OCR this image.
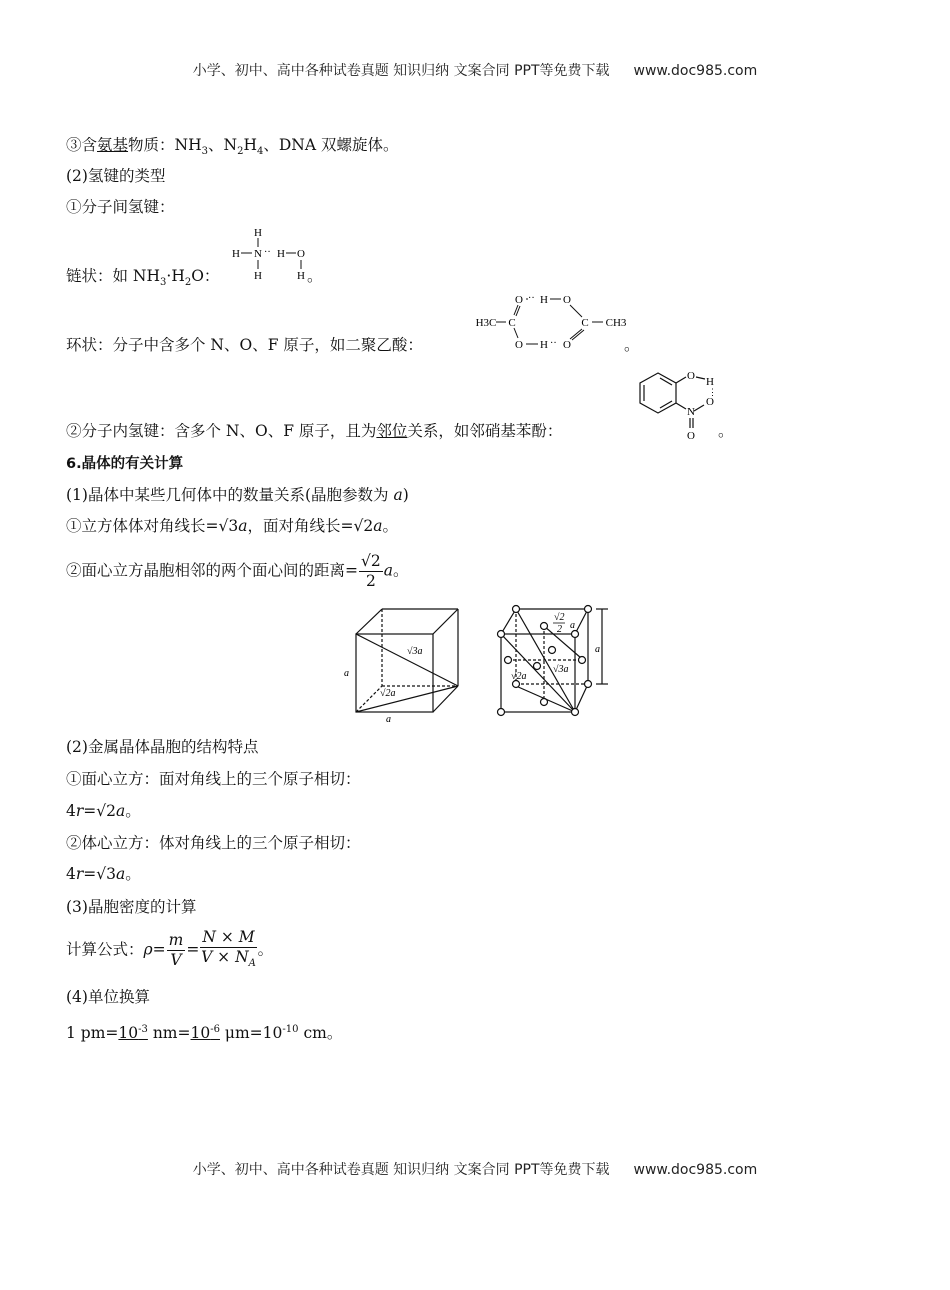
小学、初中、高中各种试卷真题 知识归纳 文案合同 PPT等免费下载 www.doc985.com
③含氨基物质：$NH_3$、$N_2H_4$、DNA 双螺旋体。
(2)氢键的类型
①分子间氢键：
链状：如 $NH_3\cdot H_2O$：	。
H
H N H O
H	H
··
环状：分子中含多个 N、O、F 原子，如二聚乙酸：	。
O H O
H3C C	C CH3
O H O
··
··
②分子内氢键：含多个 N、O、F 原子，且为邻位关系，如邻硝基苯酚：	。
O H
O
N
O
⋮
6.晶体的有关计算
(1)晶体中某些几何体中的数量关系(晶胞参数为 a)
①立方体体对角线长=√3a，面对角线长=√2a。
②面心立方晶胞相邻的两个面心间的距离= $\frac{√2}{2}$ a。
√3a
a
√2a
a
√2
2 a
a
√2a
√3a
(2)金属晶体晶胞的结构特点
①面心立方：面对角线上的三个原子相切：
4r=√2a。
②体心立方：体对角线上的三个原子相切：
4r=√3a。
(3)晶胞密度的计算
计算公式：$\rho= \frac{m}{V} = \frac{N \times M}{V \times N_A}$ 。
(4)单位换算
1 $pm=10^{-3}$ $nm=10^{-6}$ $\mu m=10^{-10}$ cm。
小学、初中、高中各种试卷真题 知识归纳 文案合同 PPT等免费下载 www.doc985.com
